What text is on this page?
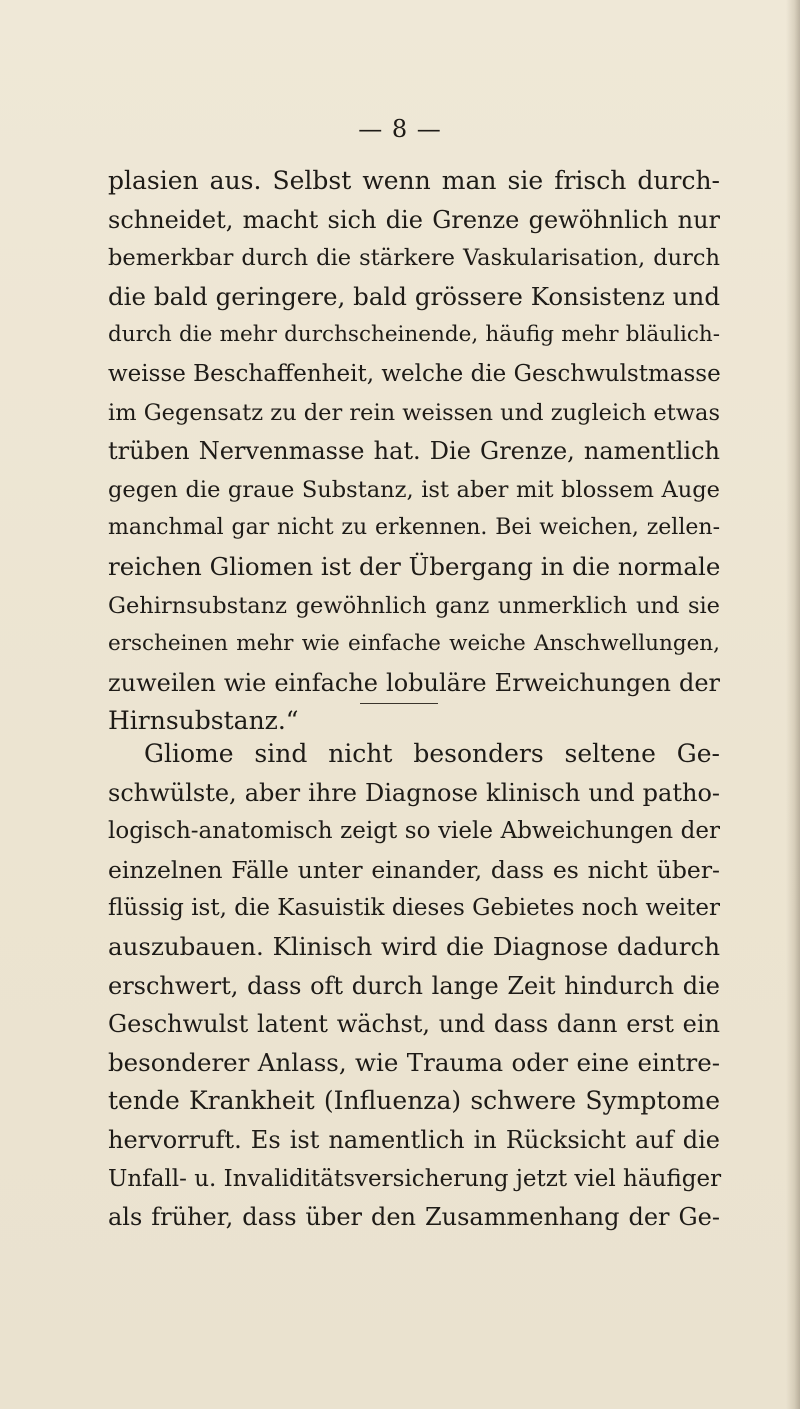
— 8 —
plasien aus. Selbst wenn man sie frisch durch-
schneidet, macht sich die Grenze gewöhnlich nur
bemerkbar durch die stärkere Vaskularisation, durch
die bald geringere, bald grössere Konsistenz und
durch die mehr durchscheinende, häufig mehr bläulich-
weisse Beschaffenheit, welche die Geschwulstmasse
im Gegensatz zu der rein weissen und zugleich etwas
trüben Nervenmasse hat. Die Grenze, namentlich
gegen die graue Substanz, ist aber mit blossem Auge
manchmal gar nicht zu erkennen. Bei weichen, zellen-
reichen Gliomen ist der Übergang in die normale
Gehirnsubstanz gewöhnlich ganz unmerklich und sie
erscheinen mehr wie einfache weiche Anschwellungen,
zuweilen wie einfache lobuläre Erweichungen der
Hirnsubstanz.“
Gliome sind nicht besonders seltene Ge-
schwülste, aber ihre Diagnose klinisch und patho-
logisch-anatomisch zeigt so viele Abweichungen der
einzelnen Fälle unter einander, dass es nicht über-
flüssig ist, die Kasuistik dieses Gebietes noch weiter
auszubauen. Klinisch wird die Diagnose dadurch
erschwert, dass oft durch lange Zeit hindurch die
Geschwulst latent wächst, und dass dann erst ein
besonderer Anlass, wie Trauma oder eine eintre-
tende Krankheit (Influenza) schwere Symptome
hervorruft. Es ist namentlich in Rücksicht auf die
Unfall- u. Invaliditätsversicherung jetzt viel häufiger
als früher, dass über den Zusammenhang der Ge-
